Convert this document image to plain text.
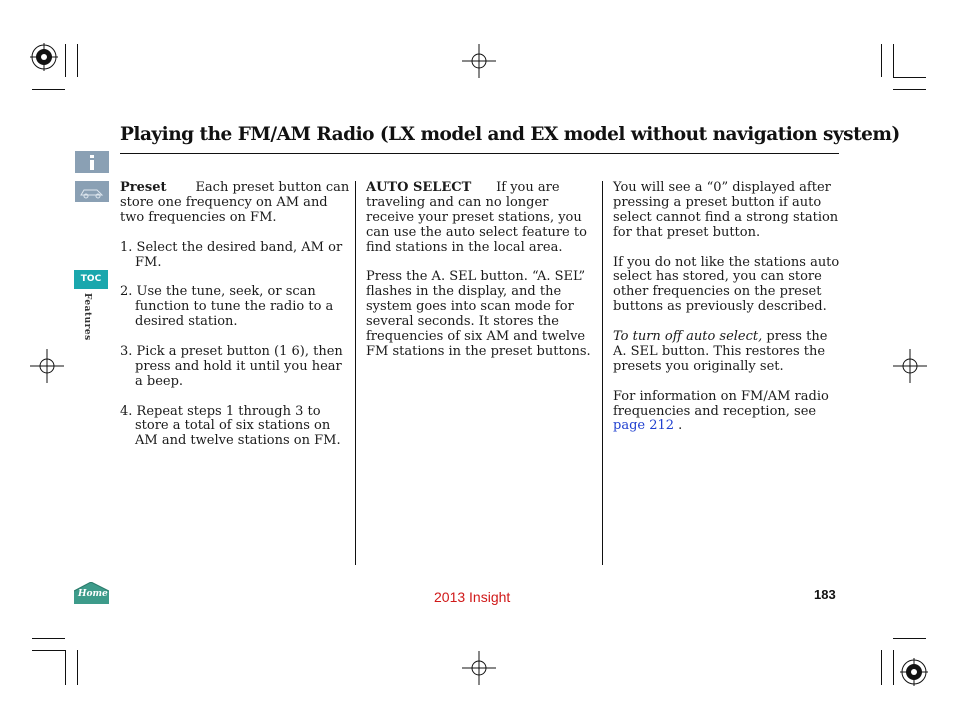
TOC
Features
Playing the FM/AM Radio (LX model and EX model without navigation system)

Preset Each preset button can store one frequency on AM and two frequencies on FM.

1. Select the desired band, AM or FM.

2. Use the tune, seek, or scan function to tune the radio to a desired station.

3. Pick a preset button (1 6), then press and hold it until you hear a beep.

4. Repeat steps 1 through 3 to store a total of six stations on AM and twelve stations on FM.

AUTO SELECT If you are traveling and can no longer receive your preset stations, you can use the auto select feature to find stations in the local area.

Press the A. SEL button. “A. SEL” flashes in the display, and the system goes into scan mode for several seconds. It stores the frequencies of six AM and twelve FM stations in the preset buttons.

You will see a “0” displayed after pressing a preset button if auto select cannot find a strong station for that preset button.

If you do not like the stations auto select has stored, you can store other frequencies on the preset buttons as previously described.

To turn off auto select, press the A. SEL button. This restores the presets you originally set.

For information on FM/AM radio frequencies and reception, see
page 212 .

Home	2013 Insight	183
